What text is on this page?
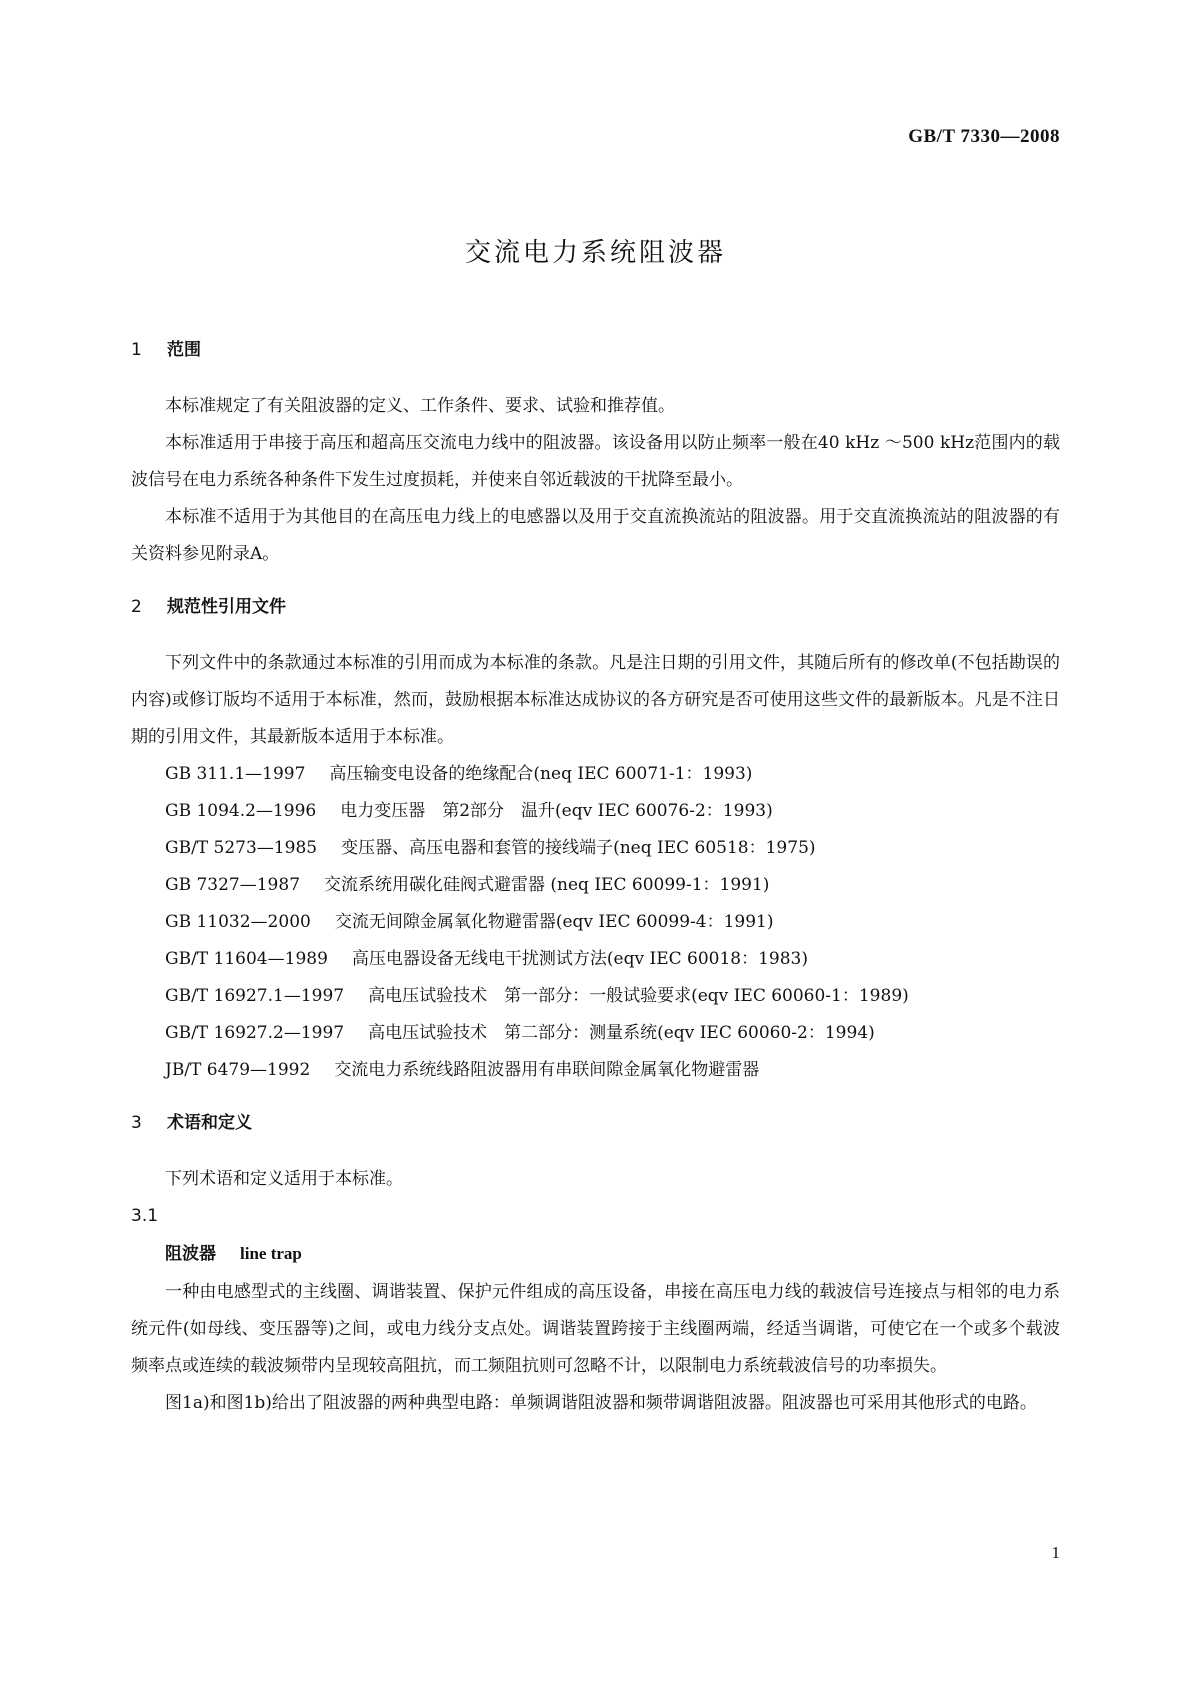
GB/T 7330—2008
交流电力系统阻波器
1 范围

本标准规定了有关阻波器的定义、工作条件、要求、试验和推荐值。

本标准适用于串接于高压和超高压交流电力线中的阻波器。该设备用以防止频率一般在40 kHz ～500 kHz范围内的载波信号在电力系统各种条件下发生过度损耗，并使来自邻近载波的干扰降至最小。

本标准不适用于为其他目的在高压电力线上的电感器以及用于交直流换流站的阻波器。用于交直流换流站的阻波器的有关资料参见附录A。

2 规范性引用文件

下列文件中的条款通过本标准的引用而成为本标准的条款。凡是注日期的引用文件，其随后所有的修改单(不包括勘误的内容)或修订版均不适用于本标准，然而，鼓励根据本标准达成协议的各方研究是否可使用这些文件的最新版本。凡是不注日期的引用文件，其最新版本适用于本标准。

GB 311.1—1997 高压输变电设备的绝缘配合(neq IEC 60071-1：1993)

GB 1094.2—1996 电力变压器　第2部分　温升(eqv IEC 60076-2：1993)

GB/T 5273—1985 变压器、高压电器和套管的接线端子(neq IEC 60518：1975)

GB 7327—1987 交流系统用碳化硅阀式避雷器 (neq IEC 60099-1：1991)

GB 11032—2000 交流无间隙金属氧化物避雷器(eqv IEC 60099-4：1991)

GB/T 11604—1989 高压电器设备无线电干扰测试方法(eqv IEC 60018：1983)

GB/T 16927.1—1997 高电压试验技术　第一部分：一般试验要求(eqv IEC 60060-1：1989)

GB/T 16927.2—1997 高电压试验技术　第二部分：测量系统(eqv IEC 60060-2：1994)

JB/T 6479—1992 交流电力系统线路阻波器用有串联间隙金属氧化物避雷器

3 术语和定义

下列术语和定义适用于本标准。

3.1

阻波器 line trap

一种由电感型式的主线圈、调谐装置、保护元件组成的高压设备，串接在高压电力线的载波信号连接点与相邻的电力系统元件(如母线、变压器等)之间，或电力线分支点处。调谐装置跨接于主线圈两端，经适当调谐，可使它在一个或多个载波频率点或连续的载波频带内呈现较高阻抗，而工频阻抗则可忽略不计，以限制电力系统载波信号的功率损失。

图1a)和图1b)给出了阻波器的两种典型电路：单频调谐阻波器和频带调谐阻波器。阻波器也可采用其他形式的电路。

1
